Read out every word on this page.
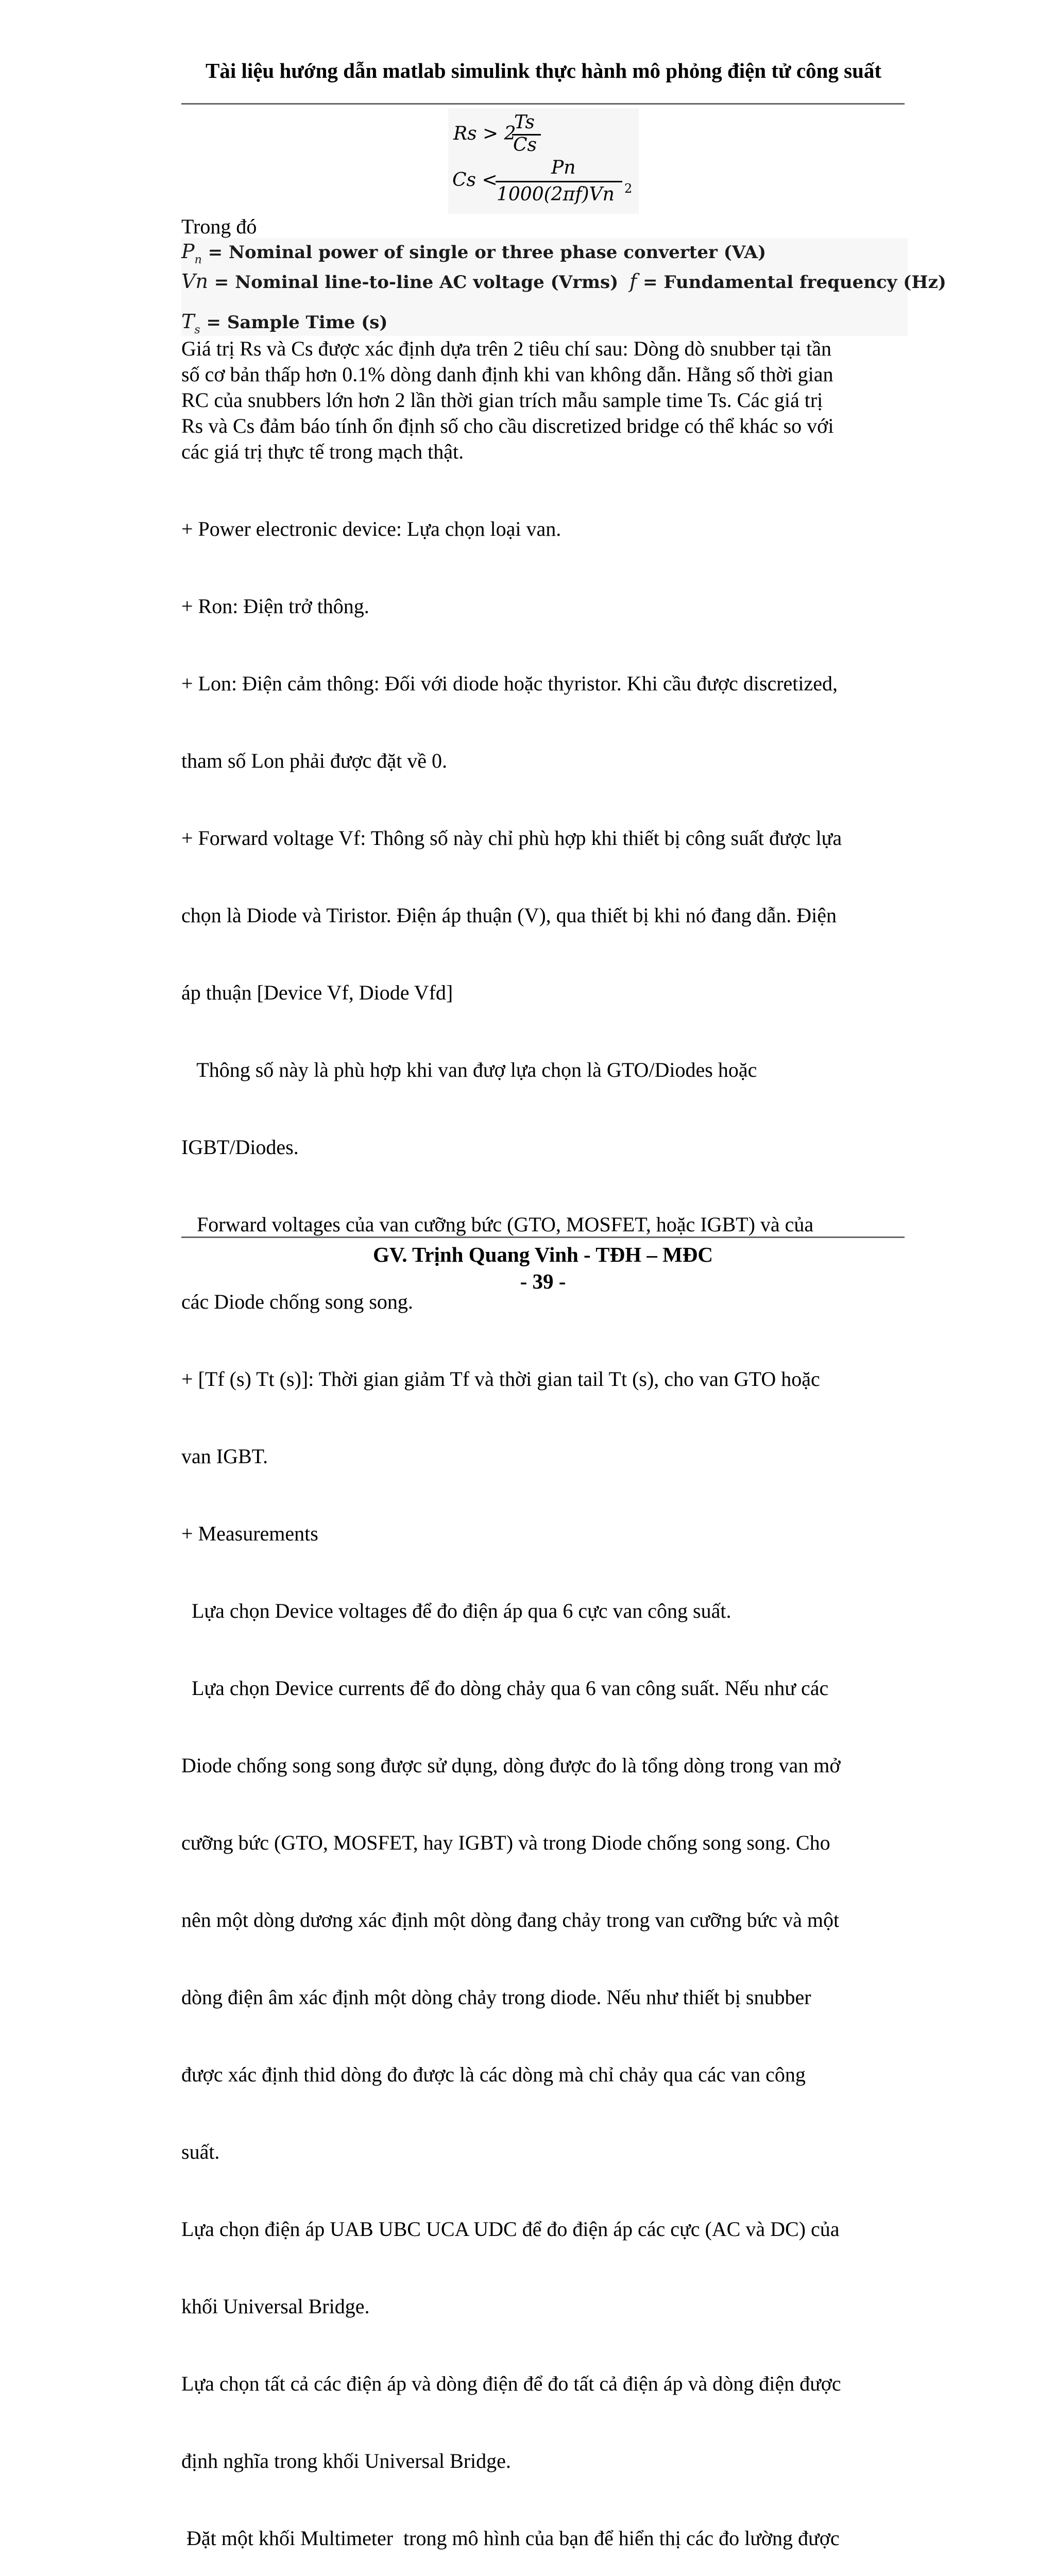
Tài liệu hướng dẫn matlab simulink thực hành mô phỏng điện tử công suất
Rs > 2
Ts
Cs
Cs <
Pn
1000(2πf)Vn 2
Trong đó
$P_n$ = Nominal power of single or three phase converter (VA)
Vn = Nominal line-to-line AC voltage (Vrms) f = Fundamental frequency (Hz)
$T_s$ = Sample Time (s)
Giá trị Rs và Cs được xác định dựa trên 2 tiêu chí sau: Dòng dò snubber tại tần
số cơ bản thấp hơn 0.1% dòng danh định khi van không dẫn. Hằng số thời gian
RC của snubbers lớn hơn 2 lần thời gian trích mẫu sample time Ts. Các giá trị
Rs và Cs đảm báo tính ổn định số cho cầu discretized bridge có thể khác so với
các giá trị thực tế trong mạch thật.

+ Power electronic device: Lựa chọn loại van.

+ Ron: Điện trở thông.

+ Lon: Điện cảm thông: Đối với diode hoặc thyristor. Khi cầu được discretized,

tham số Lon phải được đặt về 0.

+ Forward voltage Vf: Thông số này chỉ phù hợp khi thiết bị công suất được lựa

chọn là Diode và Tiristor. Điện áp thuận (V), qua thiết bị khi nó đang dẫn. Điện

áp thuận [Device Vf, Diode Vfd]

Thông số này là phù hợp khi van đượ lựa chọn là GTO/Diodes hoặc

IGBT/Diodes.

Forward voltages của van cưỡng bức (GTO, MOSFET, hoặc IGBT) và của

các Diode chống song song.

+ [Tf (s) Tt (s)]: Thời gian giảm Tf và thời gian tail Tt (s), cho van GTO hoặc

van IGBT.

+ Measurements

Lựa chọn Device voltages để đo điện áp qua 6 cực van công suất.

Lựa chọn Device currents để đo dòng chảy qua 6 van công suất. Nếu như các

Diode chống song song được sử dụng, dòng được đo là tổng dòng trong van mở

cưỡng bức (GTO, MOSFET, hay IGBT) và trong Diode chống song song. Cho

nên một dòng dương xác định một dòng đang chảy trong van cưỡng bức và một

dòng điện âm xác định một dòng chảy trong diode. Nếu như thiết bị snubber

được xác định thid dòng đo được là các dòng mà chỉ chảy qua các van công

suất.

Lựa chọn điện áp UAB UBC UCA UDC để đo điện áp các cực (AC và DC) của

khối Universal Bridge.

Lựa chọn tất cả các điện áp và dòng điện để đo tất cả điện áp và dòng điện được

định nghĩa trong khối Universal Bridge.

Đặt một khối Multimeter  trong mô hình của bạn để hiển thị các đo lường được

GV. Trịnh Quang Vinh - TĐH – MĐC
- 39 -
